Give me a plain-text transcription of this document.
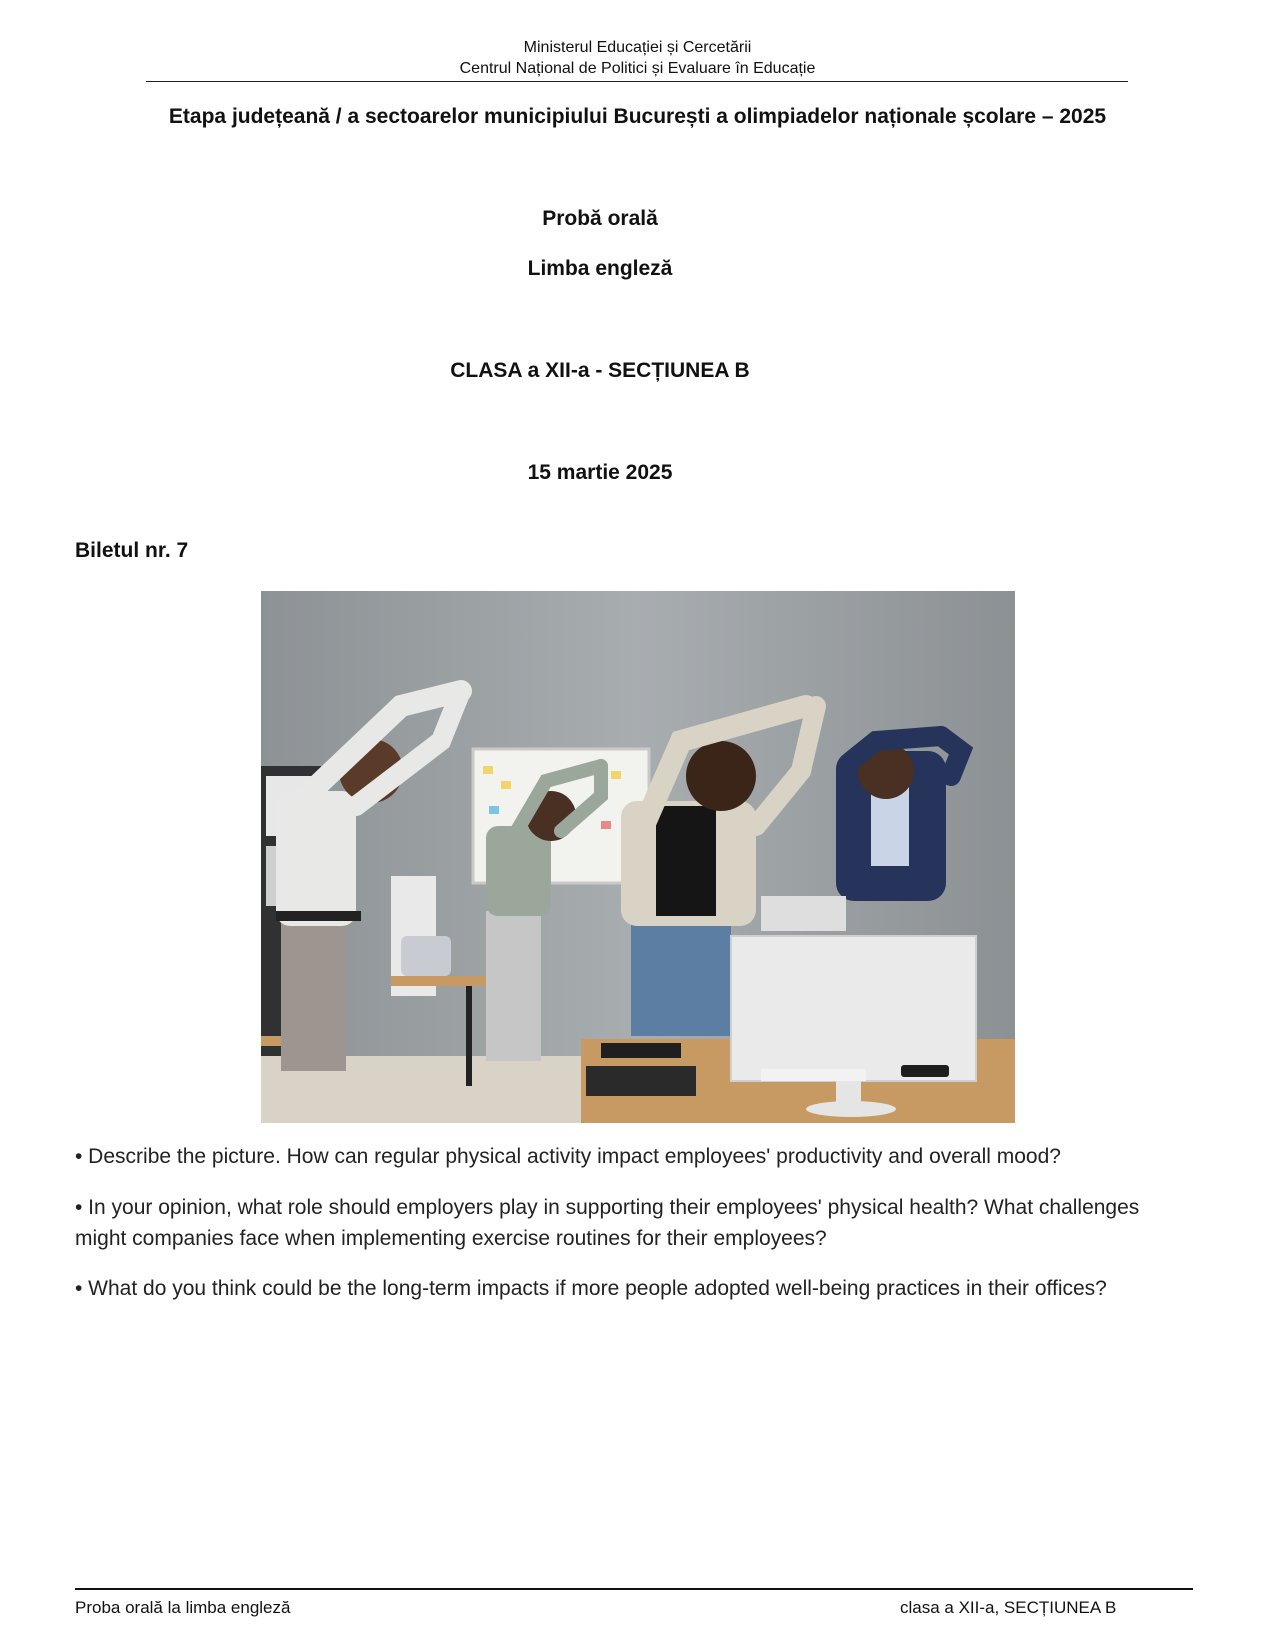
Ministerul Educației și Cercetării
Centrul Național de Politici și Evaluare în Educație
Etapa județeană / a sectoarelor municipiului București a olimpiadelor naționale școlare – 2025
Probă orală
Limba engleză
CLASA a XII-a - SECȚIUNEA B
15 martie 2025
Biletul nr. 7
• Describe the picture. How can regular physical activity impact employees' productivity and overall mood?
• In your opinion, what role should employers play in supporting their employees' physical health? What challenges might companies face when implementing exercise routines for their employees?
• What do you think could be the long-term impacts if more people adopted well-being practices in their offices?
Proba orală la limba engleză	clasa a XII-a, SECȚIUNEA B
